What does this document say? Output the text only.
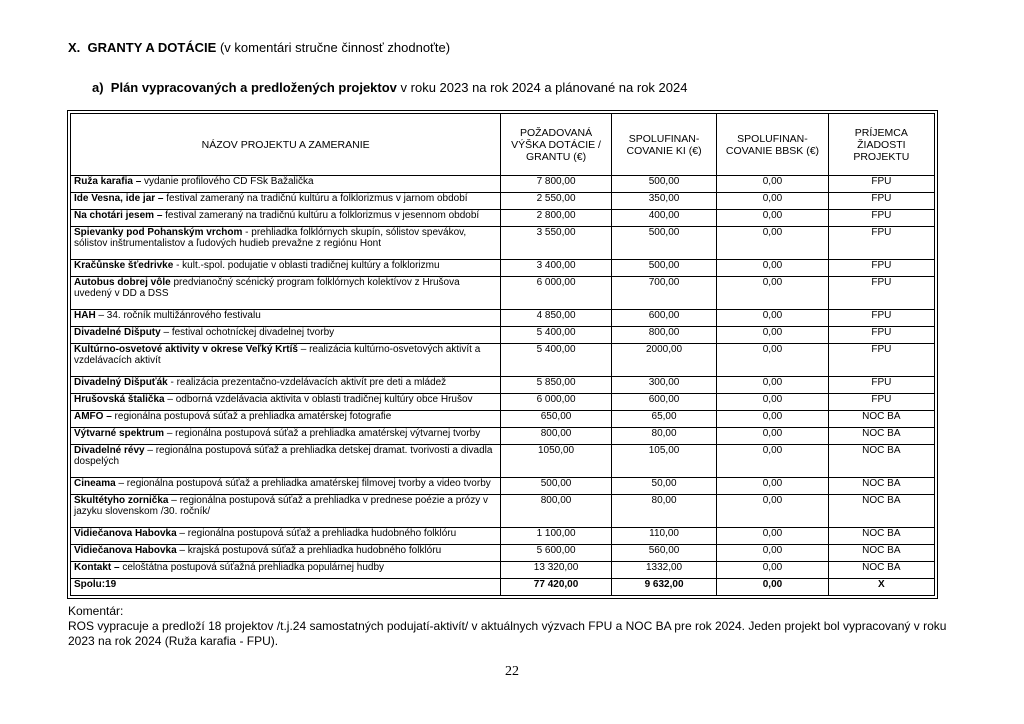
X. GRANTY A DOTÁCIE (v komentári stručne činnosť zhodnoťte)
a) Plán vypracovaných a predložených projektov v roku 2023 na rok 2024 a plánované na rok 2024
NÁZOV PROJEKTU A ZAMERANIE	POŽADOVANÁ VÝŠKA DOTÁCIE / GRANTU (€)	SPOLUFINAN-COVANIE KI (€)	SPOLUFINAN-COVANIE BBSK (€)	PRÍJEMCA ŽIADOSTI PROJEKTU
Ruža karafia – vydanie profilového CD FSk Bažalička	7 800,00	500,00	0,00	FPU
Ide Vesna, ide jar – festival zameraný na tradičnú kultúru a folklorizmus v jarnom období	2 550,00	350,00	0,00	FPU
Na chotári jesem – festival zameraný na tradičnú kultúru a folklorizmus v jesennom období	2 800,00	400,00	0,00	FPU
Spievanky pod Pohanským vrchom - prehliadka folklórnych skupín, sólistov spevákov, sólistov inštrumentalistov a ľudových hudieb prevažne z regiónu Hont	3 550,00	500,00	0,00	FPU
Kračůnske šťedrivke - kult.-spol. podujatie v oblasti tradičnej kultúry a folklorizmu	3 400,00	500,00	0,00	FPU
Autobus dobrej vôle predvianočný scénický program folklórnych kolektívov z Hrušova uvedený v DD a DSS	6 000,00	700,00	0,00	FPU
HAH – 34. ročník multižánrového festivalu	4 850,00	600,00	0,00	FPU
Divadelné Dišputy – festival ochotníckej divadelnej tvorby	5 400,00	800,00	0,00	FPU
Kultúrno-osvetové aktivity v okrese Veľký Krtíš – realizácia kultúrno-osvetových aktivít a vzdelávacích aktivít	5 400,00	2000,00	0,00	FPU
Divadelný Dišpuťák - realizácia prezentačno-vzdelávacích aktivít pre deti a mládež	5 850,00	300,00	0,00	FPU
Hrušovská štalička – odborná vzdelávacia aktivita v oblasti tradičnej kultúry obce Hrušov	6 000,00	600,00	0,00	FPU
AMFO – regionálna postupová súťaž a prehliadka amatérskej fotografie	650,00	65,00	0,00	NOC BA
Výtvarné spektrum – regionálna postupová súťaž a prehliadka amatérskej výtvarnej tvorby	800,00	80,00	0,00	NOC BA
Divadelné révy – regionálna postupová súťaž a prehliadka detskej dramat. tvorivosti a divadla dospelých	1050,00	105,00	0,00	NOC BA
Cineama – regionálna postupová súťaž a prehliadka amatérskej filmovej tvorby a video tvorby	500,00	50,00	0,00	NOC BA
Škultétyho zornička – regionálna postupová súťaž a prehliadka v prednese poézie a prózy v jazyku slovenskom /30. ročník/	800,00	80,00	0,00	NOC BA
Vidiečanova Habovka – regionálna postupová súťaž a prehliadka hudobného folklóru	1 100,00	110,00	0,00	NOC BA
Vidiečanova Habovka – krajská postupová súťaž a prehliadka hudobného folklóru	5 600,00	560,00	0,00	NOC BA
Kontakt – celoštátna postupová súťažná prehliadka populárnej hudby	13 320,00	1332,00	0,00	NOC BA
Spolu:19	77 420,00	9 632,00	0,00	X
Komentár:
ROS vypracuje a predloží 18 projektov /t.j.24 samostatných podujatí-aktivít/ v aktuálnych výzvach FPU a NOC BA pre rok 2024. Jeden projekt bol vypracovaný v roku 2023 na rok 2024 (Ruža karafia - FPU).
22
